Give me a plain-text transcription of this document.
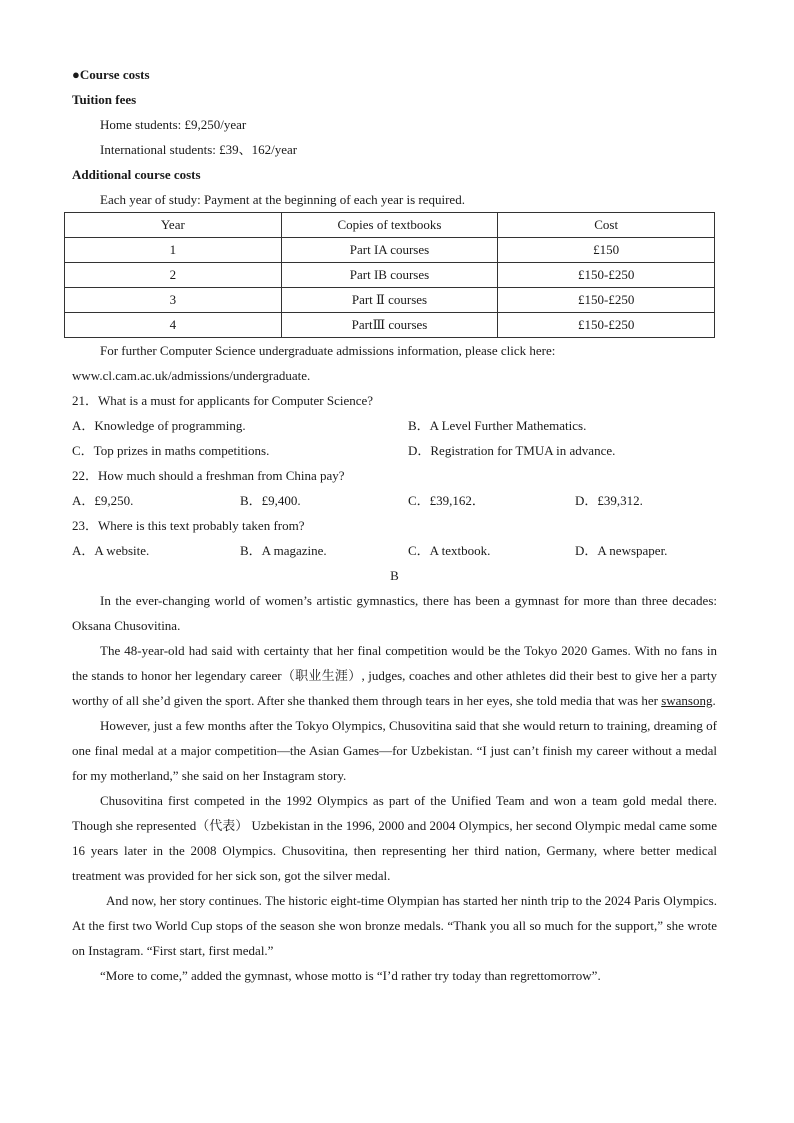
●Course costs
Tuition fees
Home students: £9,250/year
International students: £39、162/year
Additional course costs
Each year of study: Payment at the beginning of each year is required.
Year	Copies of textbooks	Cost
1	Part IA courses	£150
2	Part IB courses	£150-£250
3	Part Ⅱ courses	£150-£250
4	PartⅢ courses	£150-£250
For further Computer Science undergraduate admissions information, please click here:
www.cl.cam.ac.uk/admissions/undergraduate.
21．What is a must for applicants for Computer Science?
A．Knowledge of programming.	B．A Level Further Mathematics.
C．Top prizes in maths competitions.	D．Registration for TMUA in advance.
22．How much should a freshman from China pay?
A．£9,250.	B．£9,400.	C．£39,162．	D．£39,312.
23．Where is this text probably taken from?
A．A website.	B．A magazine.	C．A textbook.	D．A newspaper.
B
In the ever-changing world of women’s artistic gymnastics, there has been a gymnast for more than three decades: Oksana Chusovitina.
The 48-year-old had said with certainty that her final competition would be the Tokyo 2020 Games. With no fans in the stands to honor her legendary career（职业生涯）, judges, coaches and other athletes did their best to give her a party worthy of all she’d given the sport. After she thanked them through tears in her eyes, she told media that was her swansong.
However, just a few months after the Tokyo Olympics, Chusovitina said that she would return to training, dreaming of one final medal at a major competition—the Asian Games—for Uzbekistan. “I just can’t finish my career without a medal for my motherland,” she said on her Instagram story.
Chusovitina first competed in the 1992 Olympics as part of the Unified Team and won a team gold medal there. Though she represented（代表） Uzbekistan in the 1996, 2000 and 2004 Olympics, her second Olympic medal came some 16 years later in the 2008 Olympics. Chusovitina, then representing her third nation, Germany, where better medical treatment was provided for her sick son, got the silver medal.
And now, her story continues. The historic eight-time Olympian has started her ninth trip to the 2024 Paris Olympics. At the first two World Cup stops of the season she won bronze medals. “Thank you all so much for the support,” she wrote on Instagram. “First start, first medal.”
“More to come,” added the gymnast, whose motto is “I’d rather try today than regrettomorrow”.
